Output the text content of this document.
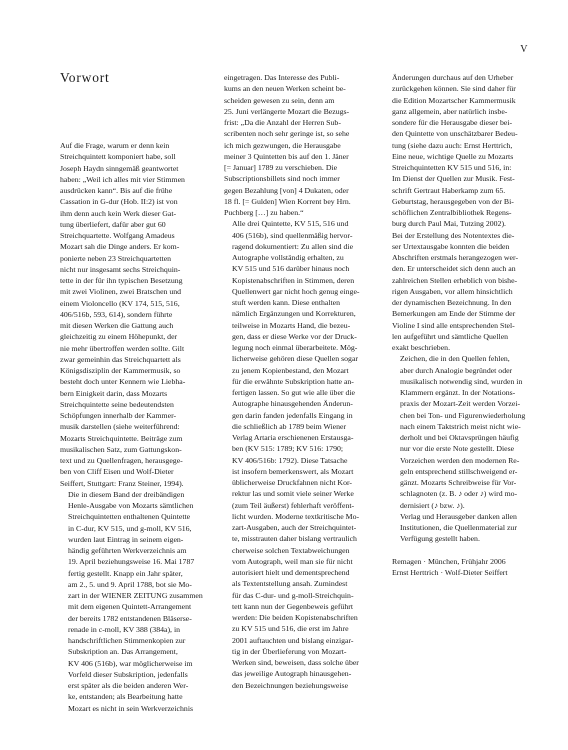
V
Vorwort

Auf die Frage, warum er denn kein
Streichquintett komponiert habe, soll
Joseph Haydn sinngemäß geantwortet
haben: „Weil ich alles mit vier Stimmen
ausdrücken kann“. Bis auf die frühe
Cassation in G-dur (Hob. II:2) ist von
ihm denn auch kein Werk dieser Gat-
tung überliefert, dafür aber gut 60
Streichquartette. Wolfgang Amadeus
Mozart sah die Dinge anders. Er kom-
ponierte neben 23 Streichquartetten
nicht nur insgesamt sechs Streichquin-
tette in der für ihn typischen Besetzung
mit zwei Violinen, zwei Bratschen und
einem Violoncello (KV 174, 515, 516,
406/516b, 593, 614), sondern führte
mit diesen Werken die Gattung auch
gleichzeitig zu einem Höhepunkt, der
nie mehr übertroffen werden sollte. Gilt
zwar gemeinhin das Streichquartett als
Königsdisziplin der Kammermusik, so
besteht doch unter Kennern wie Liebha-
bern Einigkeit darin, dass Mozarts
Streichquintette seine bedeutendsten
Schöpfungen innerhalb der Kammer-
musik darstellen (siehe weiterführend:
Mozarts Streichquintette. Beiträge zum
musikalischen Satz, zum Gattungskon-
text und zu Quellenfragen, herausgege-
ben von Cliff Eisen und Wolf-Dieter
Seiffert, Stuttgart: Franz Steiner, 1994).

Die in diesem Band der dreibändigen
Henle-Ausgabe von Mozarts sämtlichen
Streichquintetten enthaltenen Quintette
in C-dur, KV 515, und g-moll, KV 516,
wurden laut Eintrag in seinem eigen-
händig geführten Werkverzeichnis am
19. April beziehungsweise 16. Mai 1787
fertig gestellt. Knapp ein Jahr später,
am 2., 5. und 9. April 1788, bot sie Mo-
zart in der WIENER ZEITUNG zusammen
mit dem eigenen Quintett-Arrangement
der bereits 1782 entstandenen Bläserse-
renade in c-moll, KV 388 (384a), in
handschriftlichen Stimmenkopien zur
Subskription an. Das Arrangement,
KV 406 (516b), war möglicherweise im
Vorfeld dieser Subskription, jedenfalls
erst später als die beiden anderen Wer-
ke, entstanden; als Bearbeitung hatte
Mozart es nicht in sein Werkverzeichnis

eingetragen. Das Interesse des Publi-
kums an den neuen Werken scheint be-
scheiden gewesen zu sein, denn am
25. Juni verlängerte Mozart die Bezugs-
frist: „Da die Anzahl der Herren Sub-
scribenten noch sehr geringe ist, so sehe
ich mich gezwungen, die Herausgabe
meiner 3 Quintetten bis auf den 1. Jäner
[= Januar] 1789 zu verschieben. Die
Subscriptionsbillets sind noch immer
gegen Bezahlung [von] 4 Dukaten, oder
18 fl. [= Gulden] Wien Korrent bey Hrn.
Puchberg […] zu haben.“

Alle drei Quintette, KV 515, 516 und
406 (516b), sind quellenmäßig hervor-
ragend dokumentiert: Zu allen sind die
Autographe vollständig erhalten, zu
KV 515 und 516 darüber hinaus noch
Kopistenabschriften in Stimmen, deren
Quellenwert gar nicht hoch genug einge-
stuft werden kann. Diese enthalten
nämlich Ergänzungen und Korrekturen,
teilweise in Mozarts Hand, die bezeu-
gen, dass er diese Werke vor der Druck-
legung noch einmal überarbeitete. Mög-
licherweise gehören diese Quellen sogar
zu jenem Kopienbestand, den Mozart
für die erwähnte Subskription hatte an-
fertigen lassen. So gut wie alle über die
Autographe hinausgehenden Änderun-
gen darin fanden jedenfalls Eingang in
die schließlich ab 1789 beim Wiener
Verlag Artaria erschienenen Erstausga-
ben (KV 515: 1789; KV 516: 1790;
KV 406/516b: 1792). Diese Tatsache
ist insofern bemerkenswert, als Mozart
üblicherweise Druckfahnen nicht Kor-
rektur las und somit viele seiner Werke
(zum Teil äußerst) fehlerhaft veröffent-
licht wurden. Moderne textkritische Mo-
zart-Ausgaben, auch der Streichquintet-
te, misstrauten daher bislang vertraulich
cherweise solchen Textabweichungen
vom Autograph, weil man sie für nicht
autorisiert hielt und dementsprechend
als Textentstellung ansah. Zumindest
für das C-dur- und g-moll-Streichquin-
tett kann nun der Gegenbeweis geführt
werden: Die beiden Kopistenabschriften
zu KV 515 und 516, die erst im Jahre
2001 auftauchten und bislang einzigar-
tig in der Überlieferung von Mozart-
Werken sind, beweisen, dass solche über
das jeweilige Autograph hinausgehen-
den Bezeichnungen beziehungsweise

Änderungen durchaus auf den Urheber
zurückgehen können. Sie sind daher für
die Edition Mozartscher Kammermusik
ganz allgemein, aber natürlich insbe-
sondere für die Herausgabe dieser bei-
den Quintette von unschätzbarer Bedeu-
tung (siehe dazu auch: Ernst Herttrich,
Eine neue, wichtige Quelle zu Mozarts
Streichquintetten KV 515 und 516, in:
Im Dienst der Quellen zur Musik. Fest-
schrift Gertraut Haberkamp zum 65.
Geburtstag, herausgegeben von der Bi-
schöflichen Zentralbibliothek Regens-
burg durch Paul Mai, Tutzing 2002).
Bei der Erstellung des Notentextes die-
ser Urtextausgabe konnten die beiden
Abschriften erstmals herangezogen wer-
den. Er unterscheidet sich denn auch an
zahlreichen Stellen erheblich von bishe-
rigen Ausgaben, vor allem hinsichtlich
der dynamischen Bezeichnung. In den
Bemerkungen am Ende der Stimme der
Violine I sind alle entsprechenden Stel-
len aufgeführt und sämtliche Quellen
exakt beschrieben.

Zeichen, die in den Quellen fehlen,
aber durch Analogie begründet oder
musikalisch notwendig sind, wurden in
Klammern ergänzt. In der Notations-
praxis der Mozart-Zeit werden Vorzei-
chen bei Ton- und Figurenwiederholung
nach einem Taktstrich meist nicht wie-
derholt und bei Oktavsprüngen häufig
nur vor die erste Note gestellt. Diese
Vorzeichen werden den modernen Re-
geln entsprechend stillschweigend er-
gänzt. Mozarts Schreibweise für Vor-
schlagnoten (z. B. ♪ oder ♪) wird mo-
dernisiert (♪ bzw. ♪).

Verlag und Herausgeber danken allen
Institutionen, die Quellenmaterial zur
Verfügung gestellt haben.

Remagen · München, Frühjahr 2006
Ernst Herttrich · Wolf-Dieter Seiffert
